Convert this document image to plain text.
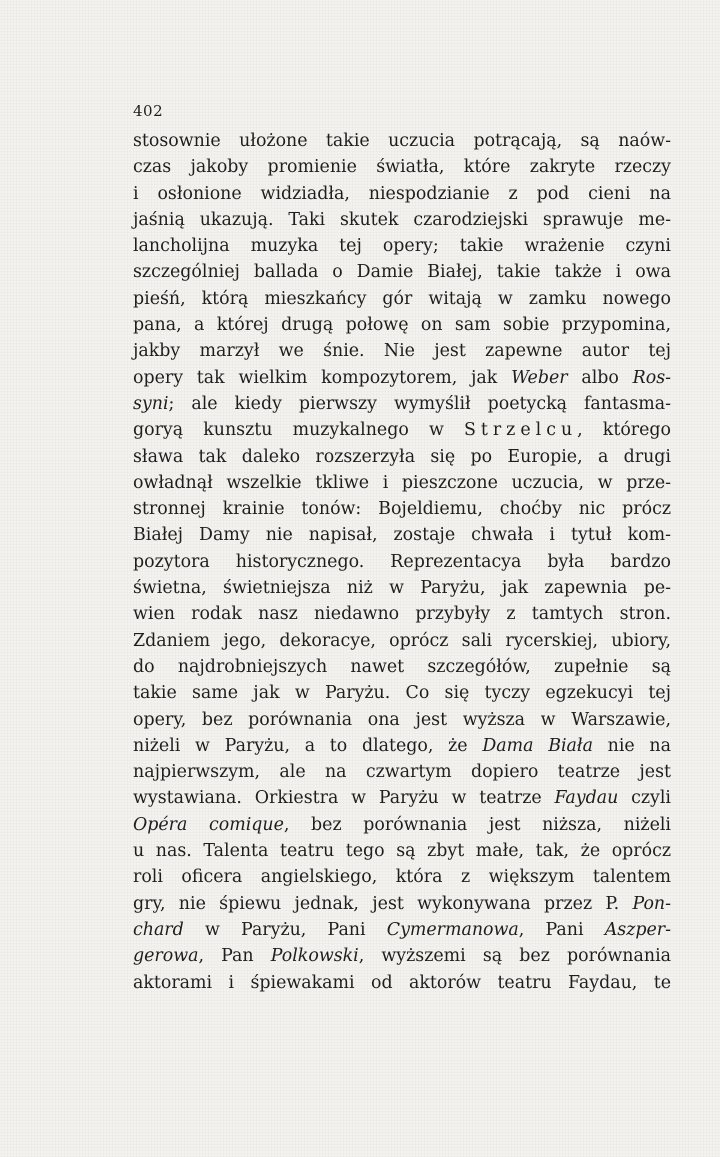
402
stosownie ułożone takie uczucia potrącają, są naów-
czas jakoby promienie światła, które zakryte rzeczy
i osłonione widziadła, niespodzianie z pod cieni na
jaśnią ukazują. Taki skutek czarodziejski sprawuje me-
lancholijna muzyka tej opery; takie wrażenie czyni
szczególniej ballada o Damie Białej, takie także i owa
pieśń, którą mieszkańcy gór witają w zamku nowego
pana, a której drugą połowę on sam sobie przypomina,
jakby marzył we śnie. Nie jest zapewne autor tej
opery tak wielkim kompozytorem, jak Weber albo Ros-
syni; ale kiedy pierwszy wymyślił poetycką fantasma-
goryą kunsztu muzykalnego w Strzelcu, którego
sława tak daleko rozszerzyła się po Europie, a drugi
owładnął wszelkie tkliwe i pieszczone uczucia, w prze-
stronnej krainie tonów: Bojeldiemu, choćby nic prócz
Białej Damy nie napisał, zostaje chwała i tytuł kom-
pozytora historycznego. Reprezentacya była bardzo
świetna, świetniejsza niż w Paryżu, jak zapewnia pe-
wien rodak nasz niedawno przybyły z tamtych stron.
Zdaniem jego, dekoracye, oprócz sali rycerskiej, ubiory,
do najdrobniejszych nawet szczegółów, zupełnie są
takie same jak w Paryżu. Co się tyczy egzekucyi tej
opery, bez porównania ona jest wyższa w Warszawie,
niżeli w Paryżu, a to dlatego, że Dama Biała nie na
najpierwszym, ale na czwartym dopiero teatrze jest
wystawiana. Orkiestra w Paryżu w teatrze Faydau czyli
Opéra comique, bez porównania jest niższa, niżeli
u nas. Talenta teatru tego są zbyt małe, tak, że oprócz
roli oficera angielskiego, która z większym talentem
gry, nie śpiewu jednak, jest wykonywana przez P. Pon-
chard w Paryżu, Pani Cymermanowa, Pani Aszper-
gerowa, Pan Polkowski, wyższemi są bez porównania
aktorami i śpiewakami od aktorów teatru Faydau, te
